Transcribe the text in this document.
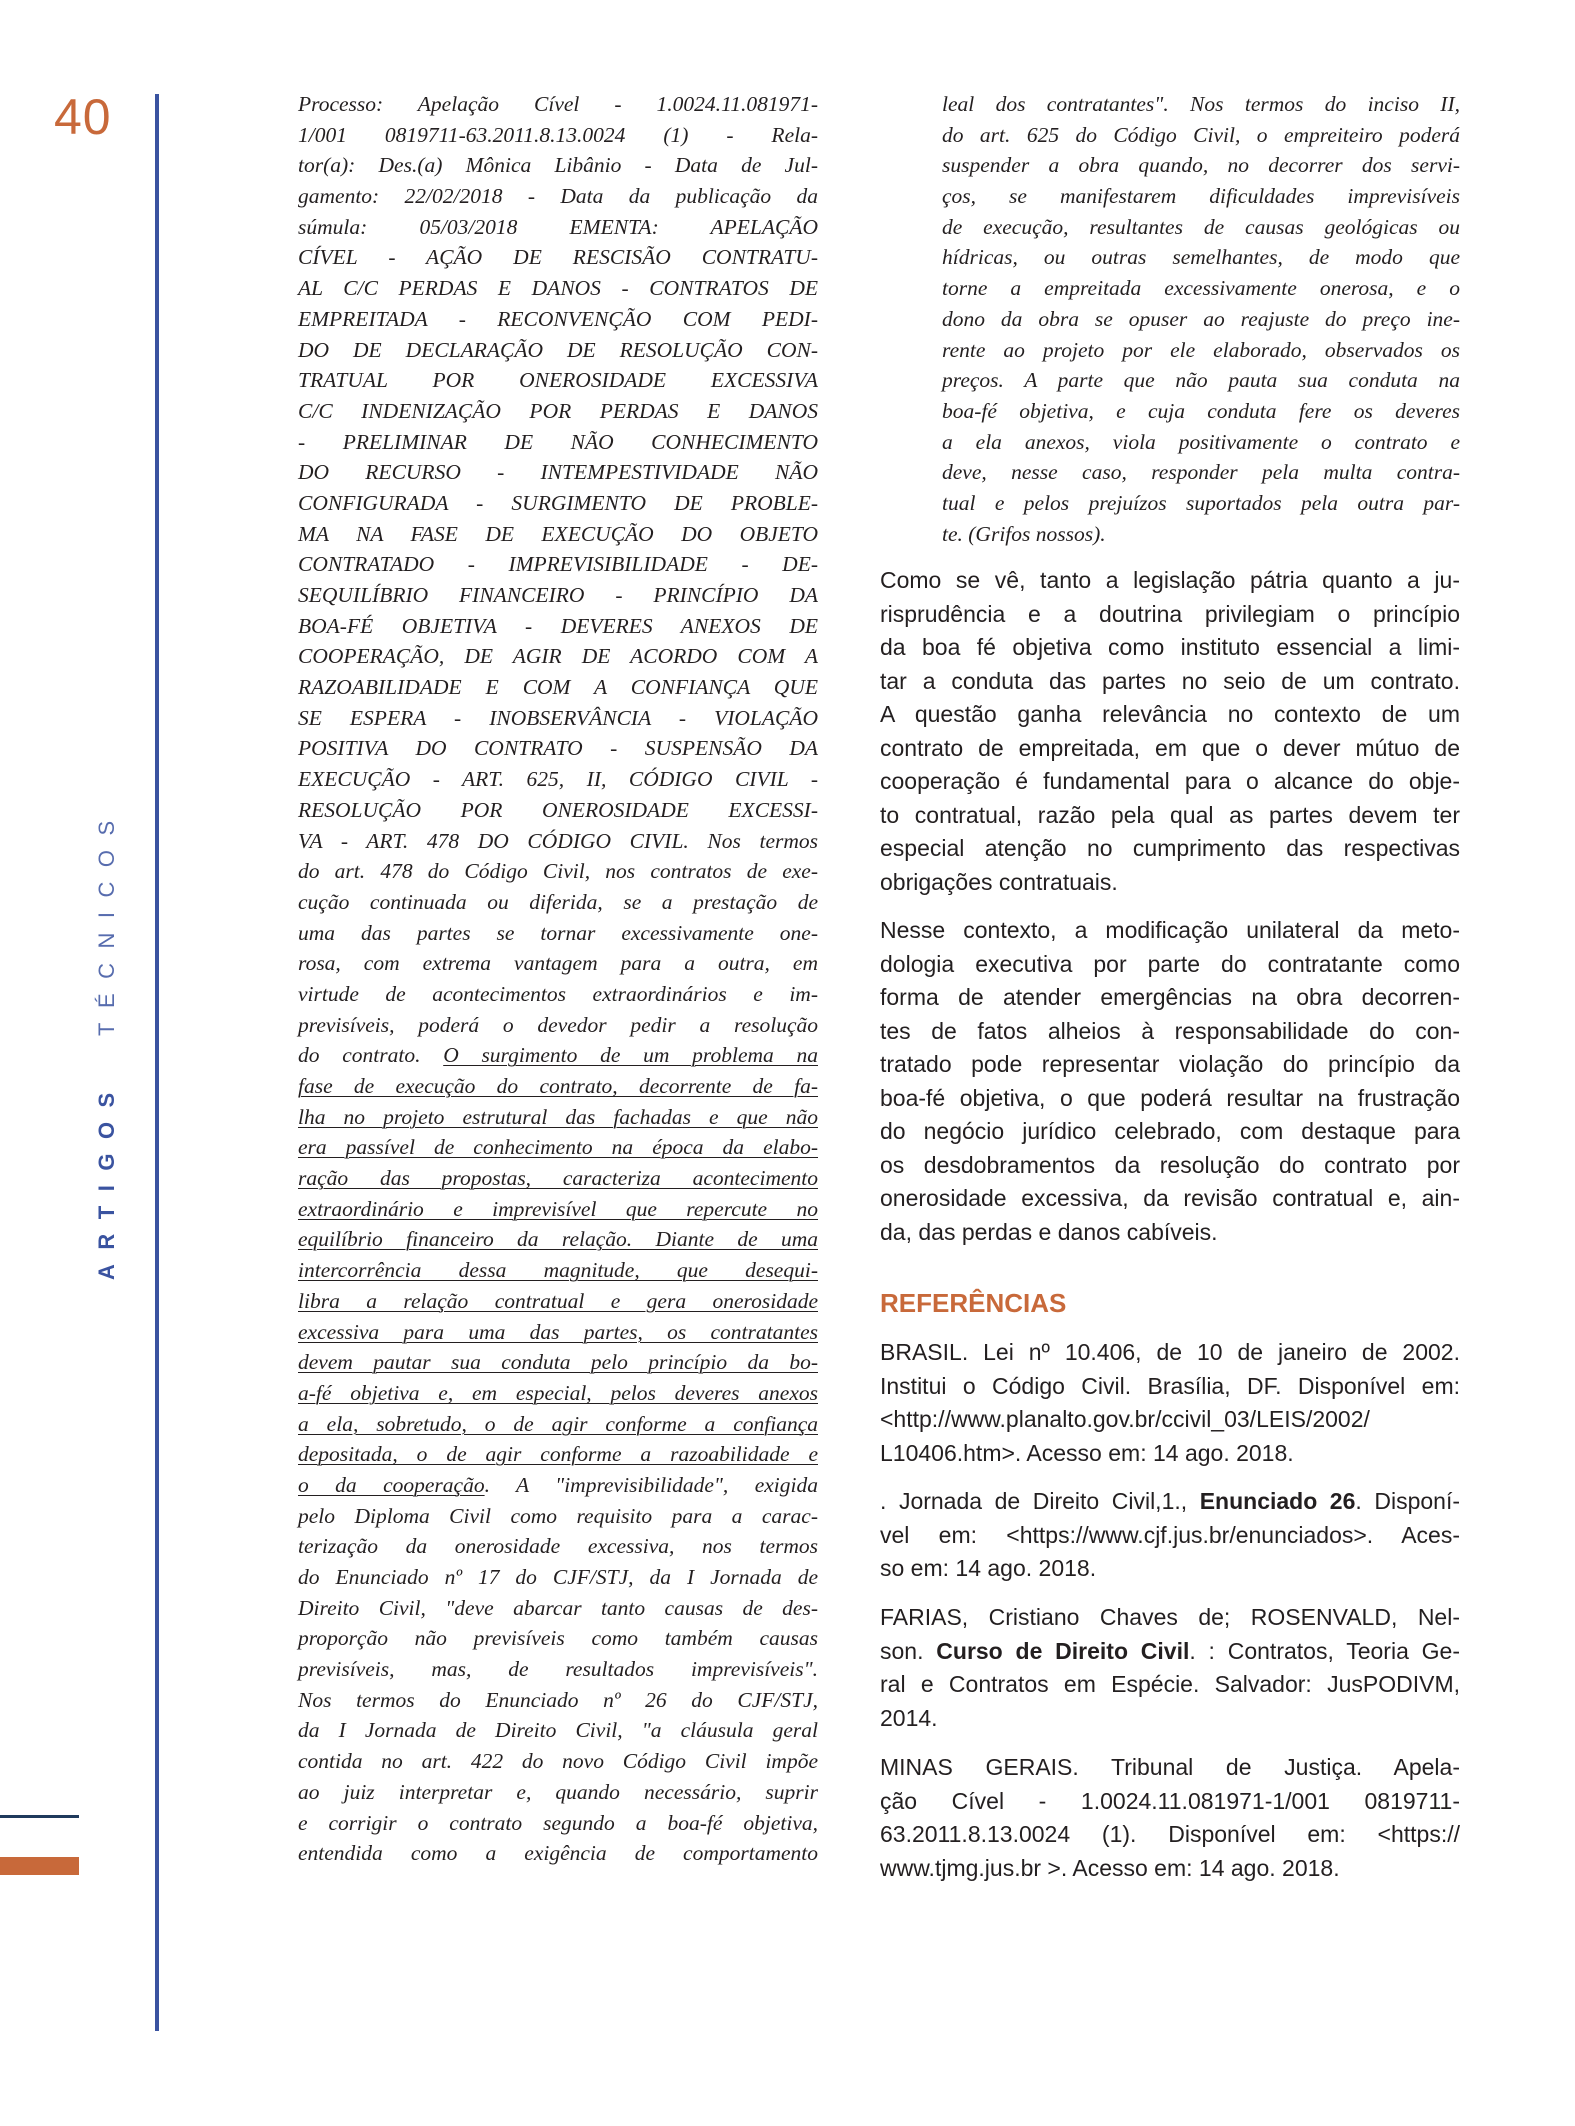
40
ARTIGOS TÉCNICOS
Processo: Apelação Cível - 1.0024.11.081971-
1/001 0819711-63.2011.8.13.0024 (1) - Rela-
tor(a): Des.(a) Mônica Libânio - Data de Jul-
gamento: 22/02/2018 - Data da publicação da
súmula: 05/03/2018 EMENTA: APELAÇÃO
CÍVEL - AÇÃO DE RESCISÃO CONTRATU-
AL C/C PERDAS E DANOS - CONTRATOS DE
EMPREITADA - RECONVENÇÃO COM PEDI-
DO DE DECLARAÇÃO DE RESOLUÇÃO CON-
TRATUAL POR ONEROSIDADE EXCESSIVA
C/C INDENIZAÇÃO POR PERDAS E DANOS
- PRELIMINAR DE NÃO CONHECIMENTO
DO RECURSO - INTEMPESTIVIDADE NÃO
CONFIGURADA - SURGIMENTO DE PROBLE-
MA NA FASE DE EXECUÇÃO DO OBJETO
CONTRATADO - IMPREVISIBILIDADE - DE-
SEQUILÍBRIO FINANCEIRO - PRINCÍPIO DA
BOA-FÉ OBJETIVA - DEVERES ANEXOS DE
COOPERAÇÃO, DE AGIR DE ACORDO COM A
RAZOABILIDADE E COM A CONFIANÇA QUE
SE ESPERA - INOBSERVÂNCIA - VIOLAÇÃO
POSITIVA DO CONTRATO - SUSPENSÃO DA
EXECUÇÃO - ART. 625, II, CÓDIGO CIVIL -
RESOLUÇÃO POR ONEROSIDADE EXCESSI-
VA - ART. 478 DO CÓDIGO CIVIL. Nos termos
do art. 478 do Código Civil, nos contratos de exe-
cução continuada ou diferida, se a prestação de
uma das partes se tornar excessivamente one-
rosa, com extrema vantagem para a outra, em
virtude de acontecimentos extraordinários e im-
previsíveis, poderá o devedor pedir a resolução
do contrato. O surgimento de um problema na
fase de execução do contrato, decorrente de fa-
lha no projeto estrutural das fachadas e que não
era passível de conhecimento na época da elabo-
ração das propostas, caracteriza acontecimento
extraordinário e imprevisível que repercute no
equilíbrio financeiro da relação. Diante de uma
intercorrência dessa magnitude, que desequi-
libra a relação contratual e gera onerosidade
excessiva para uma das partes, os contratantes
devem pautar sua conduta pelo princípio da bo-
a-fé objetiva e, em especial, pelos deveres anexos
a ela, sobretudo, o de agir conforme a confiança
depositada, o de agir conforme a razoabilidade e
o da cooperação. A "imprevisibilidade", exigida
pelo Diploma Civil como requisito para a carac-
terização da onerosidade excessiva, nos termos
do Enunciado nº 17 do CJF/STJ, da I Jornada de
Direito Civil, "deve abarcar tanto causas de des-
proporção não previsíveis como também causas
previsíveis, mas, de resultados imprevisíveis".
Nos termos do Enunciado nº 26 do CJF/STJ,
da I Jornada de Direito Civil, "a cláusula geral
contida no art. 422 do novo Código Civil impõe
ao juiz interpretar e, quando necessário, suprir
e corrigir o contrato segundo a boa-fé objetiva,
entendida como a exigência de comportamento
leal dos contratantes". Nos termos do inciso II,
do art. 625 do Código Civil, o empreiteiro poderá
suspender a obra quando, no decorrer dos servi-
ços, se manifestarem dificuldades imprevisíveis
de execução, resultantes de causas geológicas ou
hídricas, ou outras semelhantes, de modo que
torne a empreitada excessivamente onerosa, e o
dono da obra se opuser ao reajuste do preço ine-
rente ao projeto por ele elaborado, observados os
preços. A parte que não pauta sua conduta na
boa-fé objetiva, e cuja conduta fere os deveres
a ela anexos, viola positivamente o contrato e
deve, nesse caso, responder pela multa contra-
tual e pelos prejuízos suportados pela outra par-
te. (Grifos nossos).
Como se vê, tanto a legislação pátria quanto a ju-
risprudência e a doutrina privilegiam o princípio
da boa fé objetiva como instituto essencial a limi-
tar a conduta das partes no seio de um contrato.
A questão ganha relevância no contexto de um
contrato de empreitada, em que o dever mútuo de
cooperação é fundamental para o alcance do obje-
to contratual, razão pela qual as partes devem ter
especial atenção no cumprimento das respectivas
obrigações contratuais.
Nesse contexto, a modificação unilateral da meto-
dologia executiva por parte do contratante como
forma de atender emergências na obra decorren-
tes de fatos alheios à responsabilidade do con-
tratado pode representar violação do princípio da
boa-fé objetiva, o que poderá resultar na frustração
do negócio jurídico celebrado, com destaque para
os desdobramentos da resolução do contrato por
onerosidade excessiva, da revisão contratual e, ain-
da, das perdas e danos cabíveis.
REFERÊNCIAS
BRASIL. Lei nº 10.406, de 10 de janeiro de 2002.
Institui o Código Civil. Brasília, DF. Disponível em:
<http://www.planalto.gov.br/ccivil_03/LEIS/2002/
L10406.htm>. Acesso em: 14 ago. 2018.
. Jornada de Direito Civil,1., Enunciado 26. Disponí-
vel em: <https://www.cjf.jus.br/enunciados>. Aces-
so em: 14 ago. 2018.
FARIAS, Cristiano Chaves de; ROSENVALD, Nel-
son. Curso de Direito Civil. : Contratos, Teoria Ge-
ral e Contratos em Espécie. Salvador: JusPODIVM,
2014.
MINAS GERAIS. Tribunal de Justiça. Apela-
ção Cível - 1.0024.11.081971-1/001 0819711-
63.2011.8.13.0024 (1). Disponível em: <https://
www.tjmg.jus.br >. Acesso em: 14 ago. 2018.
